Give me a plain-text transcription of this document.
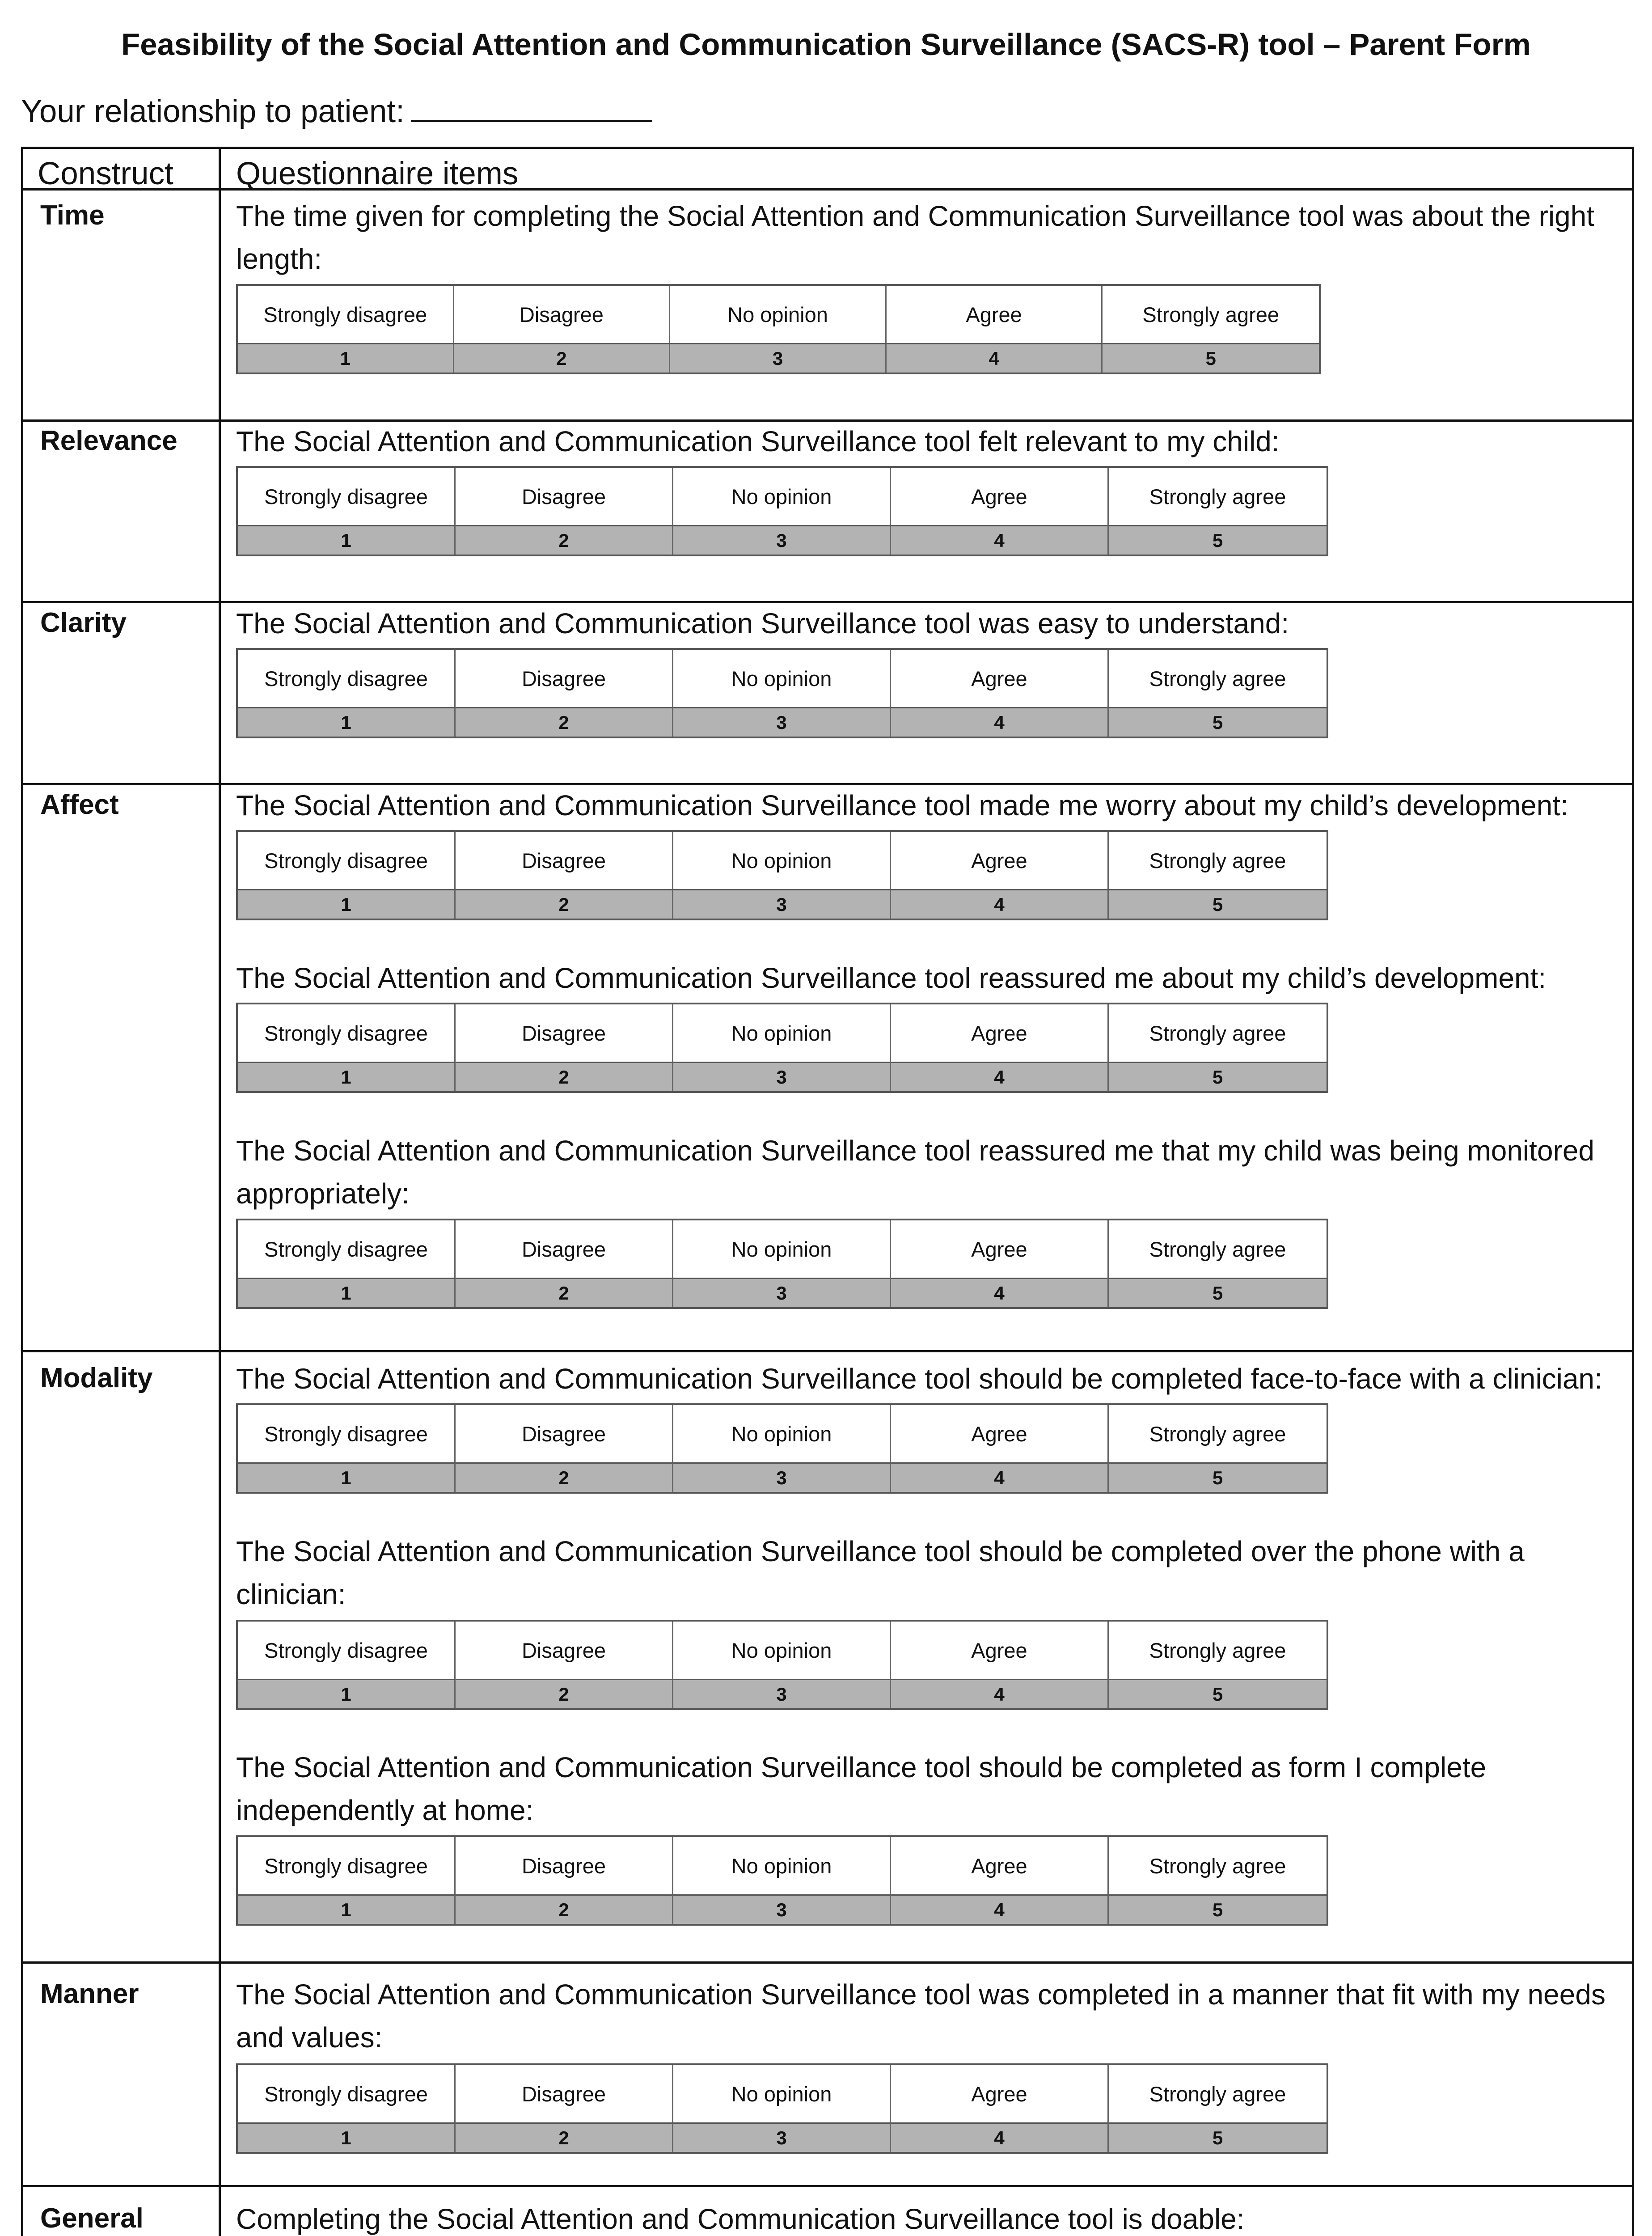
Feasibility of the Social Attention and Communication Surveillance (SACS-R) tool – Parent Form
Your relationship to patient:
Construct Questionnaire items
Time	The time given for completing the Social Attention and Communication Surveillance tool was about the right length:
Strongly disagree	Disagree	No opinion	Agree	Strongly agree
1	2	3	4	5
Relevance	The Social Attention and Communication Surveillance tool felt relevant to my child:
Strongly disagree	Disagree	No opinion	Agree	Strongly agree
1	2	3	4	5
Clarity	The Social Attention and Communication Surveillance tool was easy to understand:
Strongly disagree	Disagree	No opinion	Agree	Strongly agree
1	2	3	4	5
Affect	The Social Attention and Communication Surveillance tool made me worry about my child’s development:
Strongly disagree	Disagree	No opinion	Agree	Strongly agree
1	2	3	4	5
The Social Attention and Communication Surveillance tool reassured me about my child’s development:
Strongly disagree	Disagree	No opinion	Agree	Strongly agree
1	2	3	4	5
The Social Attention and Communication Surveillance tool reassured me that my child was being monitored appropriately:
Strongly disagree	Disagree	No opinion	Agree	Strongly agree
1	2	3	4	5
Modality	The Social Attention and Communication Surveillance tool should be completed face-to-face with a clinician:
Strongly disagree	Disagree	No opinion	Agree	Strongly agree
1	2	3	4	5
The Social Attention and Communication Surveillance tool should be completed over the phone with a clinician:
Strongly disagree	Disagree	No opinion	Agree	Strongly agree
1	2	3	4	5
The Social Attention and Communication Surveillance tool should be completed as form I complete independently at home:
Strongly disagree	Disagree	No opinion	Agree	Strongly agree
1	2	3	4	5
Manner	The Social Attention and Communication Surveillance tool was completed in a manner that fit with my needs and values:
Strongly disagree	Disagree	No opinion	Agree	Strongly agree
1	2	3	4	5
General	Completing the Social Attention and Communication Surveillance tool is doable:
